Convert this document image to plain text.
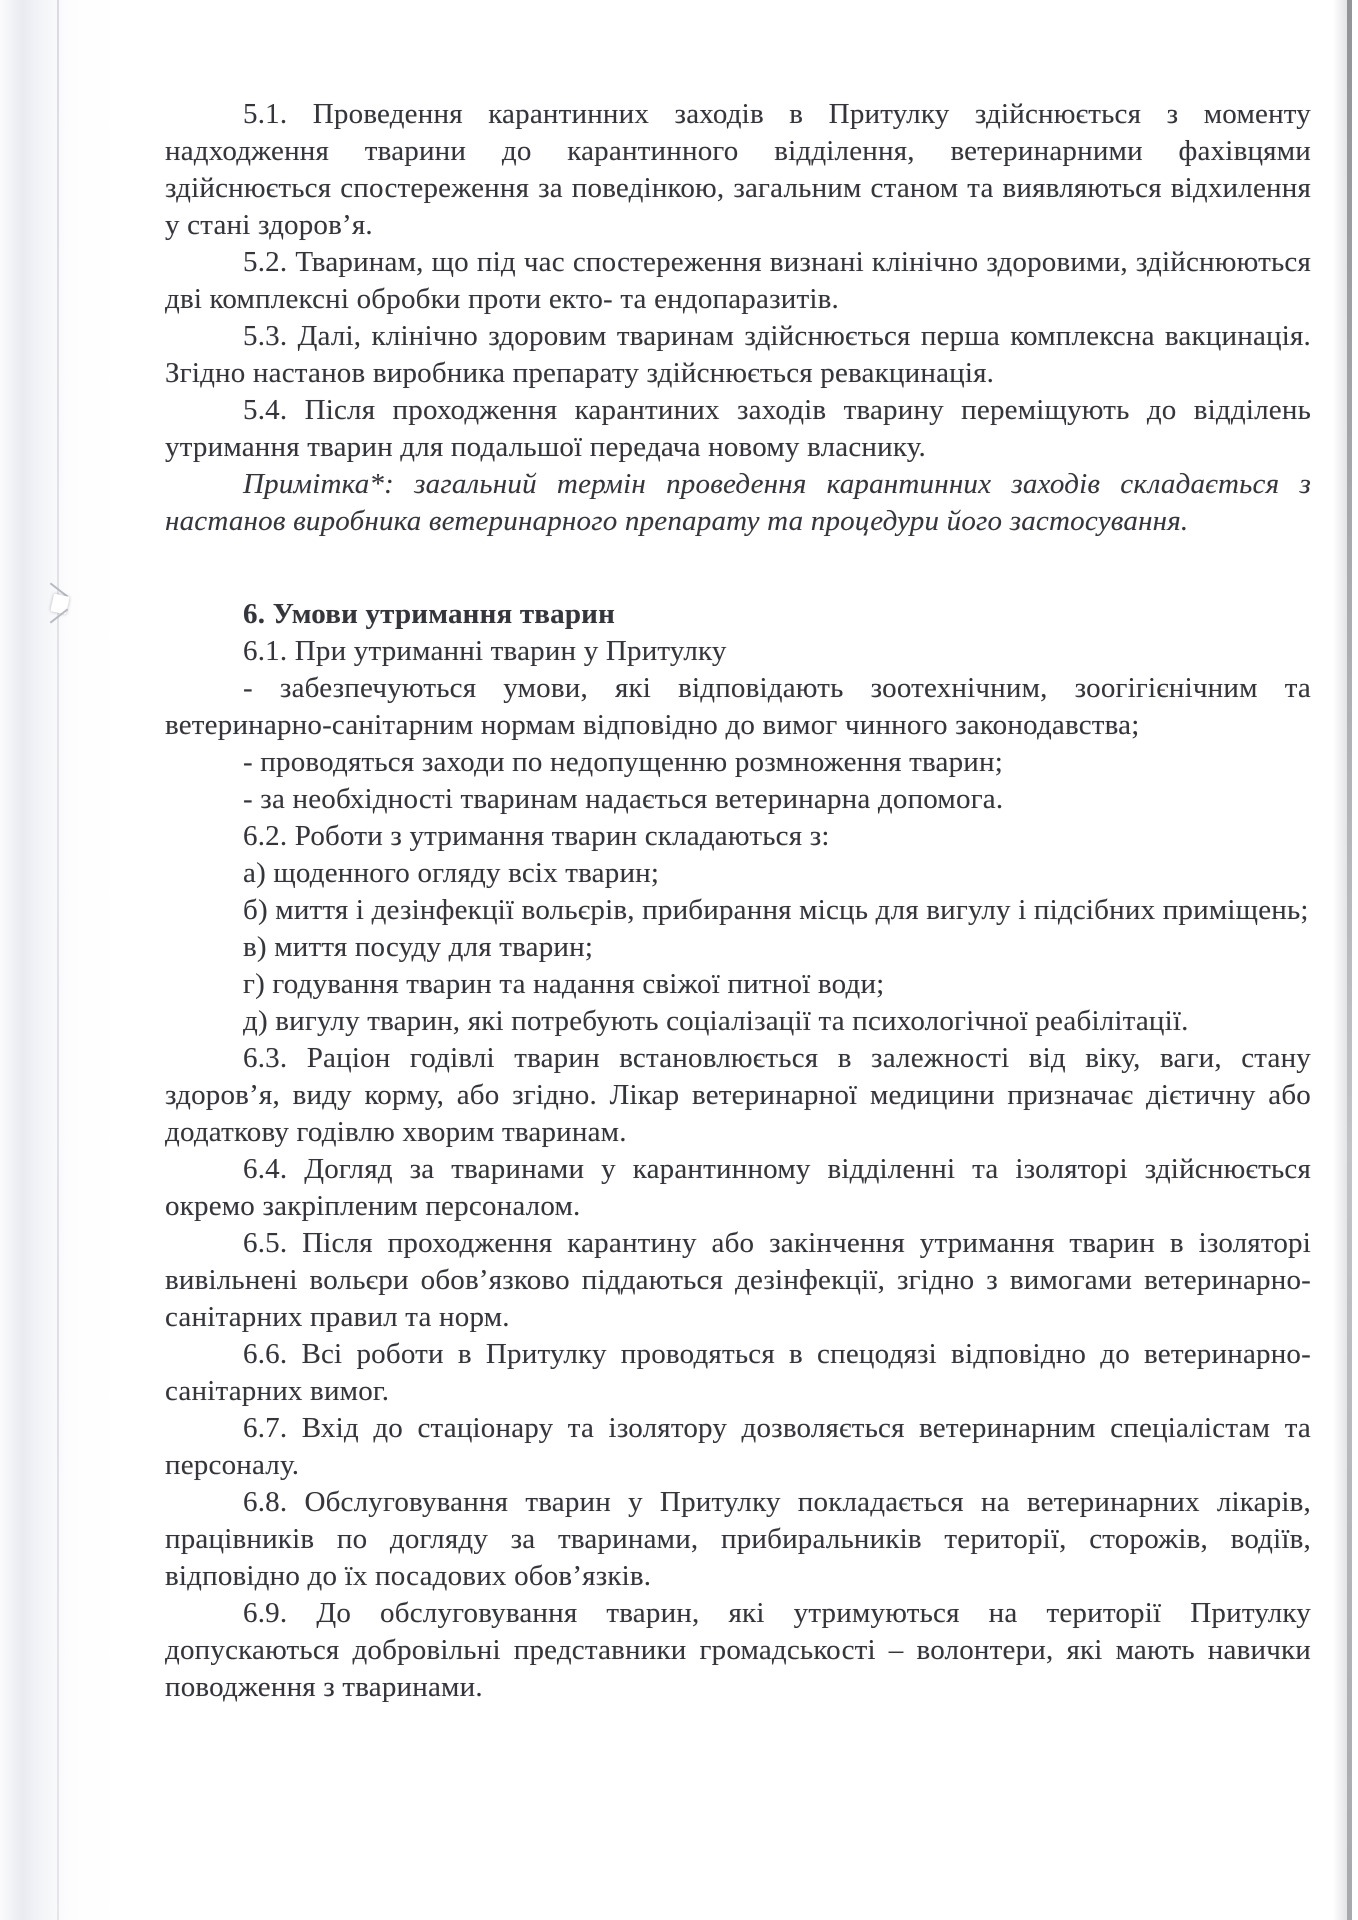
5.1. Проведення карантинних заходів в Притулку здійснюється з моменту надходження тварини до карантинного відділення, ветеринарними фахівцями здійснюється спостереження за поведінкою, загальним станом та виявляються відхилення у стані здоров’я.

5.2. Тваринам, що під час спостереження визнані клінічно здоровими, здійснюються дві комплексні обробки проти екто- та ендопаразитів.

5.3. Далі, клінічно здоровим тваринам здійснюється перша комплексна вакцинація. Згідно настанов виробника препарату здійснюється ревакцинація.

5.4. Після проходження карантиних заходів тварину переміщують до відділень утримання тварин для подальшої передача новому власнику.

Примітка*: загальний термін проведення карантинних заходів складається з настанов виробника ветеринарного препарату та процедури його застосування.

6. Умови утримання тварин

6.1. При утриманні тварин у Притулку

- забезпечуються умови, які відповідають зоотехнічним, зоогігієнічним та ветеринарно-санітарним нормам відповідно до вимог чинного законодавства;

- проводяться заходи по недопущенню розмноження тварин;

- за необхідності тваринам надається ветеринарна допомога.

6.2. Роботи з утримання тварин складаються з:

а) щоденного огляду всіх тварин;

б) миття і дезінфекції вольєрів, прибирання місць для вигулу і підсібних приміщень;

в) миття посуду для тварин;

г) годування тварин та надання свіжої питної води;

д) вигулу тварин, які потребують соціалізації та психологічної реабілітації.

6.3. Раціон годівлі тварин встановлюється в залежності від віку, ваги, стану здоров’я, виду корму, або згідно. Лікар ветеринарної медицини призначає дієтичну або додаткову годівлю хворим тваринам.

6.4. Догляд за тваринами у карантинному відділенні та ізоляторі здійснюється окремо закріпленим персоналом.

6.5. Після проходження карантину або закінчення утримання тварин в ізоляторі вивільнені вольєри обов’язково піддаються дезінфекції, згідно з вимогами ветеринарно-санітарних правил та норм.

6.6. Всі роботи в Притулку проводяться в спецодязі відповідно до ветеринарно-санітарних вимог.

6.7. Вхід до стаціонару та ізолятору дозволяється ветеринарним спеціалістам та персоналу.

6.8. Обслуговування тварин у Притулку покладається на ветеринарних лікарів, працівників по догляду за тваринами, прибиральників території, сторожів, водіїв, відповідно до їх посадових обов’язків.

6.9. До обслуговування тварин, які утримуються на території Притулку допускаються добровільні представники громадськості – волонтери, які мають навички поводження з тваринами.
